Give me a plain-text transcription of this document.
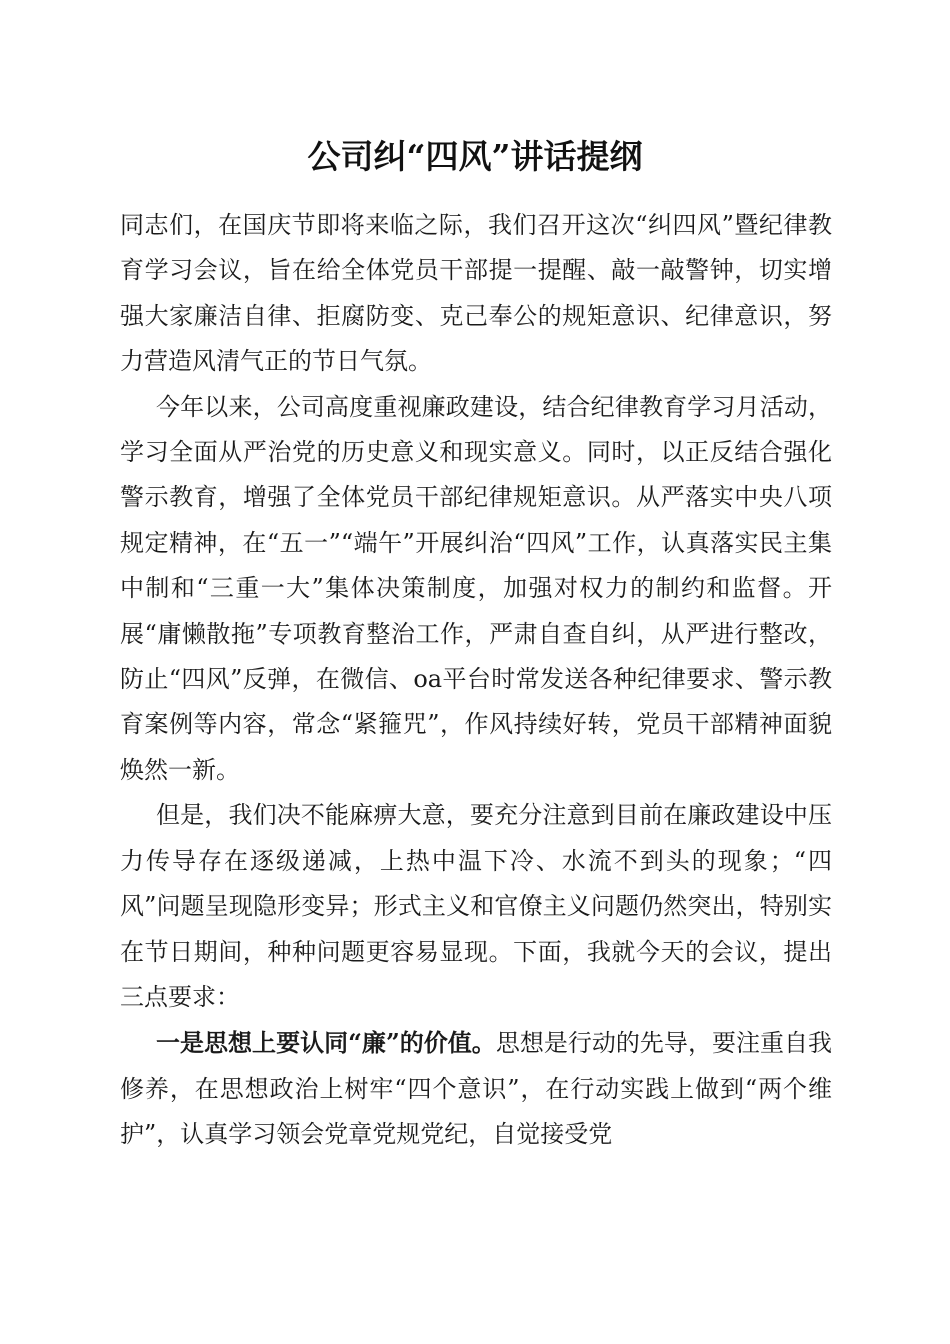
公司纠“四风”讲话提纲

同志们，在国庆节即将来临之际，我们召开这次“纠四风”暨纪律教育学习会议，旨在给全体党员干部提一提醒、敲一敲警钟，切实增强大家廉洁自律、拒腐防变、克己奉公的规矩意识、纪律意识，努力营造风清气正的节日气氛。

今年以来，公司高度重视廉政建设，结合纪律教育学习月活动，学习全面从严治党的历史意义和现实意义。同时，以正反结合强化警示教育，增强了全体党员干部纪律规矩意识。从严落实中央八项规定精神，在“五一”“端午”开展纠治“四风”工作，认真落实民主集中制和“三重一大”集体决策制度，加强对权力的制约和监督。开展“庸懒散拖”专项教育整治工作，严肃自查自纠，从严进行整改，防止“四风”反弹，在微信、oa平台时常发送各种纪律要求、警示教育案例等内容，常念“紧箍咒”，作风持续好转，党员干部精神面貌焕然一新。

但是，我们决不能麻痹大意，要充分注意到目前在廉政建设中压力传导存在逐级递减，上热中温下冷、水流不到头的现象；“四风”问题呈现隐形变异；形式主义和官僚主义问题仍然突出，特别实在节日期间，种种问题更容易显现。下面，我就今天的会议，提出三点要求：

一是思想上要认同“廉”的价值。思想是行动的先导，要注重自我修养，在思想政治上树牢“四个意识”，在行动实践上做到“两个维护”，认真学习领会党章党规党纪，自觉接受党
